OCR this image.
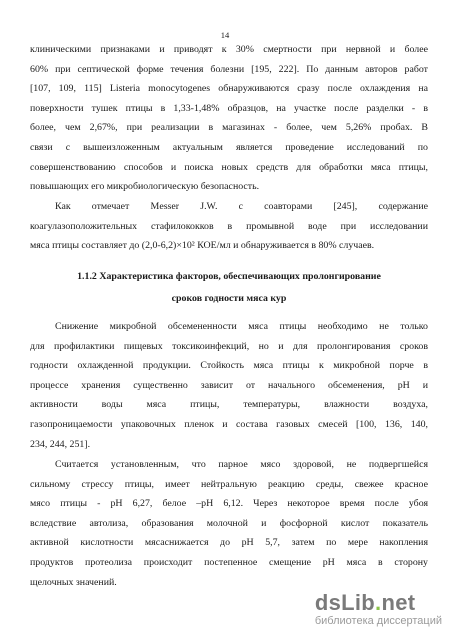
14
клиническими признаками и приводят к 30% смертности при нервной и более
60% при септической форме течения болезни [195, 222]. По данным авторов работ
[107, 109, 115] Listeria monocytogenes обнаруживаются сразу после охлаждения на
поверхности тушек птицы в 1,33-1,48% образцов, на участке после разделки - в
более, чем 2,67%, при реализации в магазинах - более, чем 5,26% пробах. В
связи с вышеизложенным актуальным является проведение исследований по
совершенствованию способов и поиска новых средств для обработки мяса птицы,
повышающих его микробиологическую безопасность.
Как отмечает Messer J.W. с соавторами [245], содержание
коагулазоположительных стафилококков в промывной воде при исследовании
мяса птицы составляет до (2,0-6,2)×10² КОЕ/мл и обнаруживается в 80% случаев.
1.1.2 Характеристика факторов, обеспечивающих пролонгирование
сроков годности мяса кур
Снижение микробной обсемененности мяса птицы необходимо не только
для профилактики пищевых токсикоинфекций, но и для пролонгирования сроков
годности охлажденной продукции. Стойкость мяса птицы к микробной порче в
процессе хранения существенно зависит от начального обсеменения, pH и
активности воды мяса птицы, температуры, влажности воздуха,
газопроницаемости упаковочных пленок и состава газовых смесей [100, 136, 140,
234, 244, 251].
Считается установленным, что парное мясо здоровой, не подвергшейся
сильному стрессу птицы, имеет нейтральную реакцию среды, свежее красное
мясо птицы - pH 6,27, белое –pH 6,12. Через некоторое время после убоя
вследствие автолиза, образования молочной и фосфорной кислот показатель
активной кислотности мясаснижается до pH 5,7, затем по мере накопления
продуктов протеолиза происходит постепенное смещение pH мяса в сторону
щелочных значений.
dsLib.net
библиотека диссертаций
